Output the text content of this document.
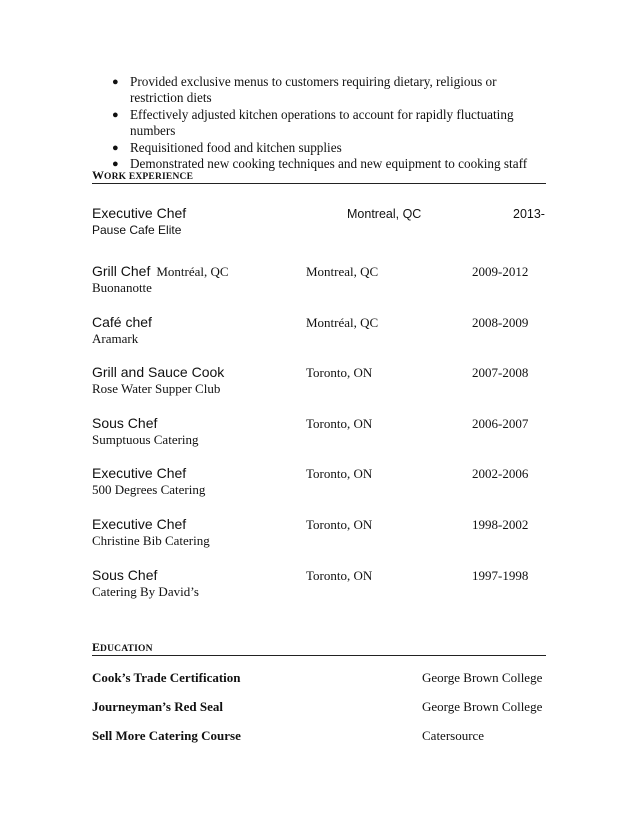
● Provided exclusive menus to customers requiring dietary, religious or restriction diets
● Effectively adjusted kitchen operations to account for rapidly fluctuating numbers
● Requisitioned food and kitchen supplies
● Demonstrated new cooking techniques and new equipment to cooking staff
WORK EXPERIENCE
Executive Chef	Montreal, QC	2013-
Pause Cafe Elite
Grill Chef Montréal, QC	Montreal, QC	2009-2012
Buonanotte
Café chef	Montréal, QC	2008-2009
Aramark
Grill and Sauce Cook	Toronto, ON	2007-2008
Rose Water Supper Club
Sous Chef	Toronto, ON	2006-2007
Sumptuous Catering
Executive Chef	Toronto, ON	2002-2006
500 Degrees Catering
Executive Chef	Toronto, ON	1998-2002
Christine Bib Catering
Sous Chef	Toronto, ON	1997-1998
Catering By David’s
EDUCATION
Cook’s Trade Certification	George Brown College
Journeyman’s Red Seal	George Brown College
Sell More Catering Course	Catersource
